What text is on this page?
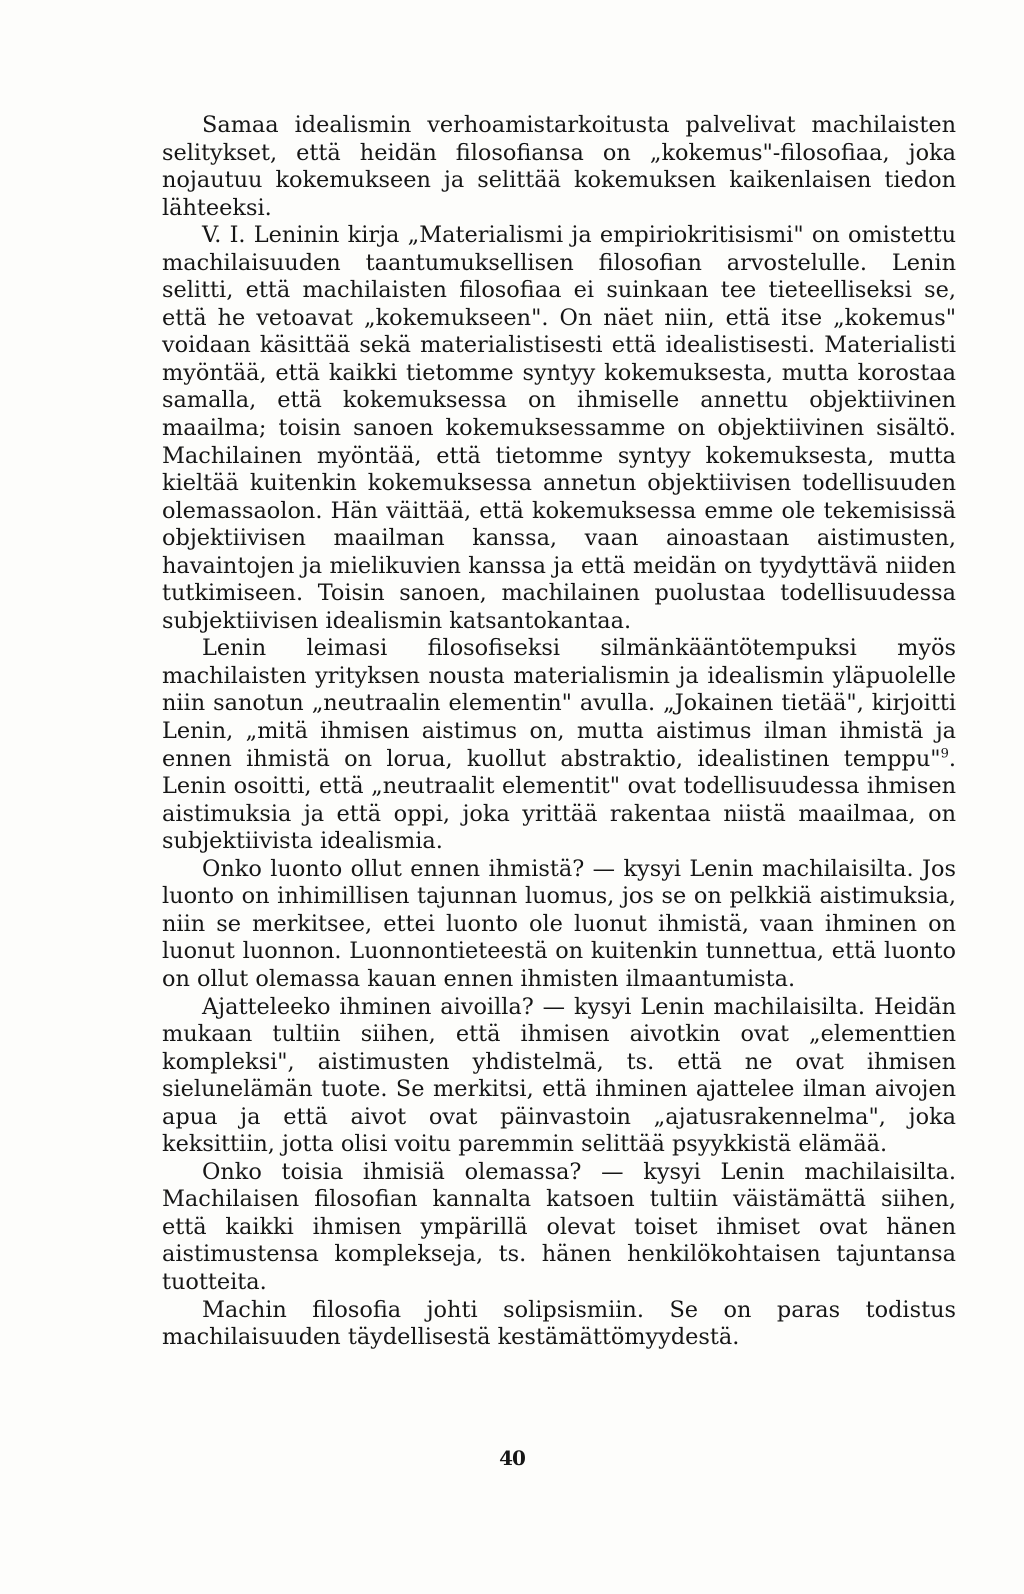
Samaa idealismin verhoamistarkoitusta palvelivat machilaisten selitykset, että heidän filosofiansa on „kokemus"-filosofiaa, joka nojautuu kokemukseen ja selittää kokemuksen kaikenlaisen tiedon lähteeksi.

V. I. Leninin kirja „Materialismi ja empiriokritisismi" on omistettu machilaisuuden taantumuksellisen filosofian arvostelulle. Lenin selitti, että machilaisten filosofiaa ei suinkaan tee tieteelliseksi se, että he vetoavat „kokemukseen". On näet niin, että itse „kokemus" voidaan käsittää sekä materialistisesti että idealistisesti. Materialisti myöntää, että kaikki tietomme syntyy kokemuksesta, mutta korostaa samalla, että kokemuksessa on ihmiselle annettu objektiivinen maailma; toisin sanoen kokemuksessamme on objektiivinen sisältö. Machilainen myöntää, että tietomme syntyy kokemuksesta, mutta kieltää kuitenkin kokemuksessa annetun objektiivisen todellisuuden olemassaolon. Hän väittää, että kokemuksessa emme ole tekemisissä objektiivisen maailman kanssa, vaan ainoastaan aistimusten, havaintojen ja mielikuvien kanssa ja että meidän on tyydyttävä niiden tutkimiseen. Toisin sanoen, machilainen puolustaa todellisuudessa subjektiivisen idealismin katsantokantaa.

Lenin leimasi filosofiseksi silmänkääntötempuksi myös machilaisten yrityksen nousta materialismin ja idealismin yläpuolelle niin sanotun „neutraalin elementin" avulla. „Jokainen tietää", kirjoitti Lenin, „mitä ihmisen aistimus on, mutta aistimus ilman ihmistä ja ennen ihmistä on lorua, kuollut abstraktio, idealistinen temppu"$^9$. Lenin osoitti, että „neutraalit elementit" ovat todellisuudessa ihmisen aistimuksia ja että oppi, joka yrittää rakentaa niistä maailmaa, on subjektiivista idealismia.

Onko luonto ollut ennen ihmistä? — kysyi Lenin machilaisilta. Jos luonto on inhimillisen tajunnan luomus, jos se on pelkkiä aistimuksia, niin se merkitsee, ettei luonto ole luonut ihmistä, vaan ihminen on luonut luonnon. Luonnontieteestä on kuitenkin tunnettua, että luonto on ollut olemassa kauan ennen ihmisten ilmaantumista.

Ajatteleeko ihminen aivoilla? — kysyi Lenin machilaisilta. Heidän mukaan tultiin siihen, että ihmisen aivotkin ovat „elementtien kompleksi", aistimusten yhdistelmä, ts. että ne ovat ihmisen sielunelämän tuote. Se merkitsi, että ihminen ajattelee ilman aivojen apua ja että aivot ovat päinvastoin „ajatusrakennelma", joka keksittiin, jotta olisi voitu paremmin selittää psyykkistä elämää.

Onko toisia ihmisiä olemassa? — kysyi Lenin machilaisilta. Machilaisen filosofian kannalta katsoen tultiin väistämättä siihen, että kaikki ihmisen ympärillä olevat toiset ihmiset ovat hänen aistimustensa komplekseja, ts. hänen henkilökohtaisen tajuntansa tuotteita.

Machin filosofia johti solipsismiin. Se on paras todistus machilaisuuden täydellisestä kestämättömyydestä.

40
